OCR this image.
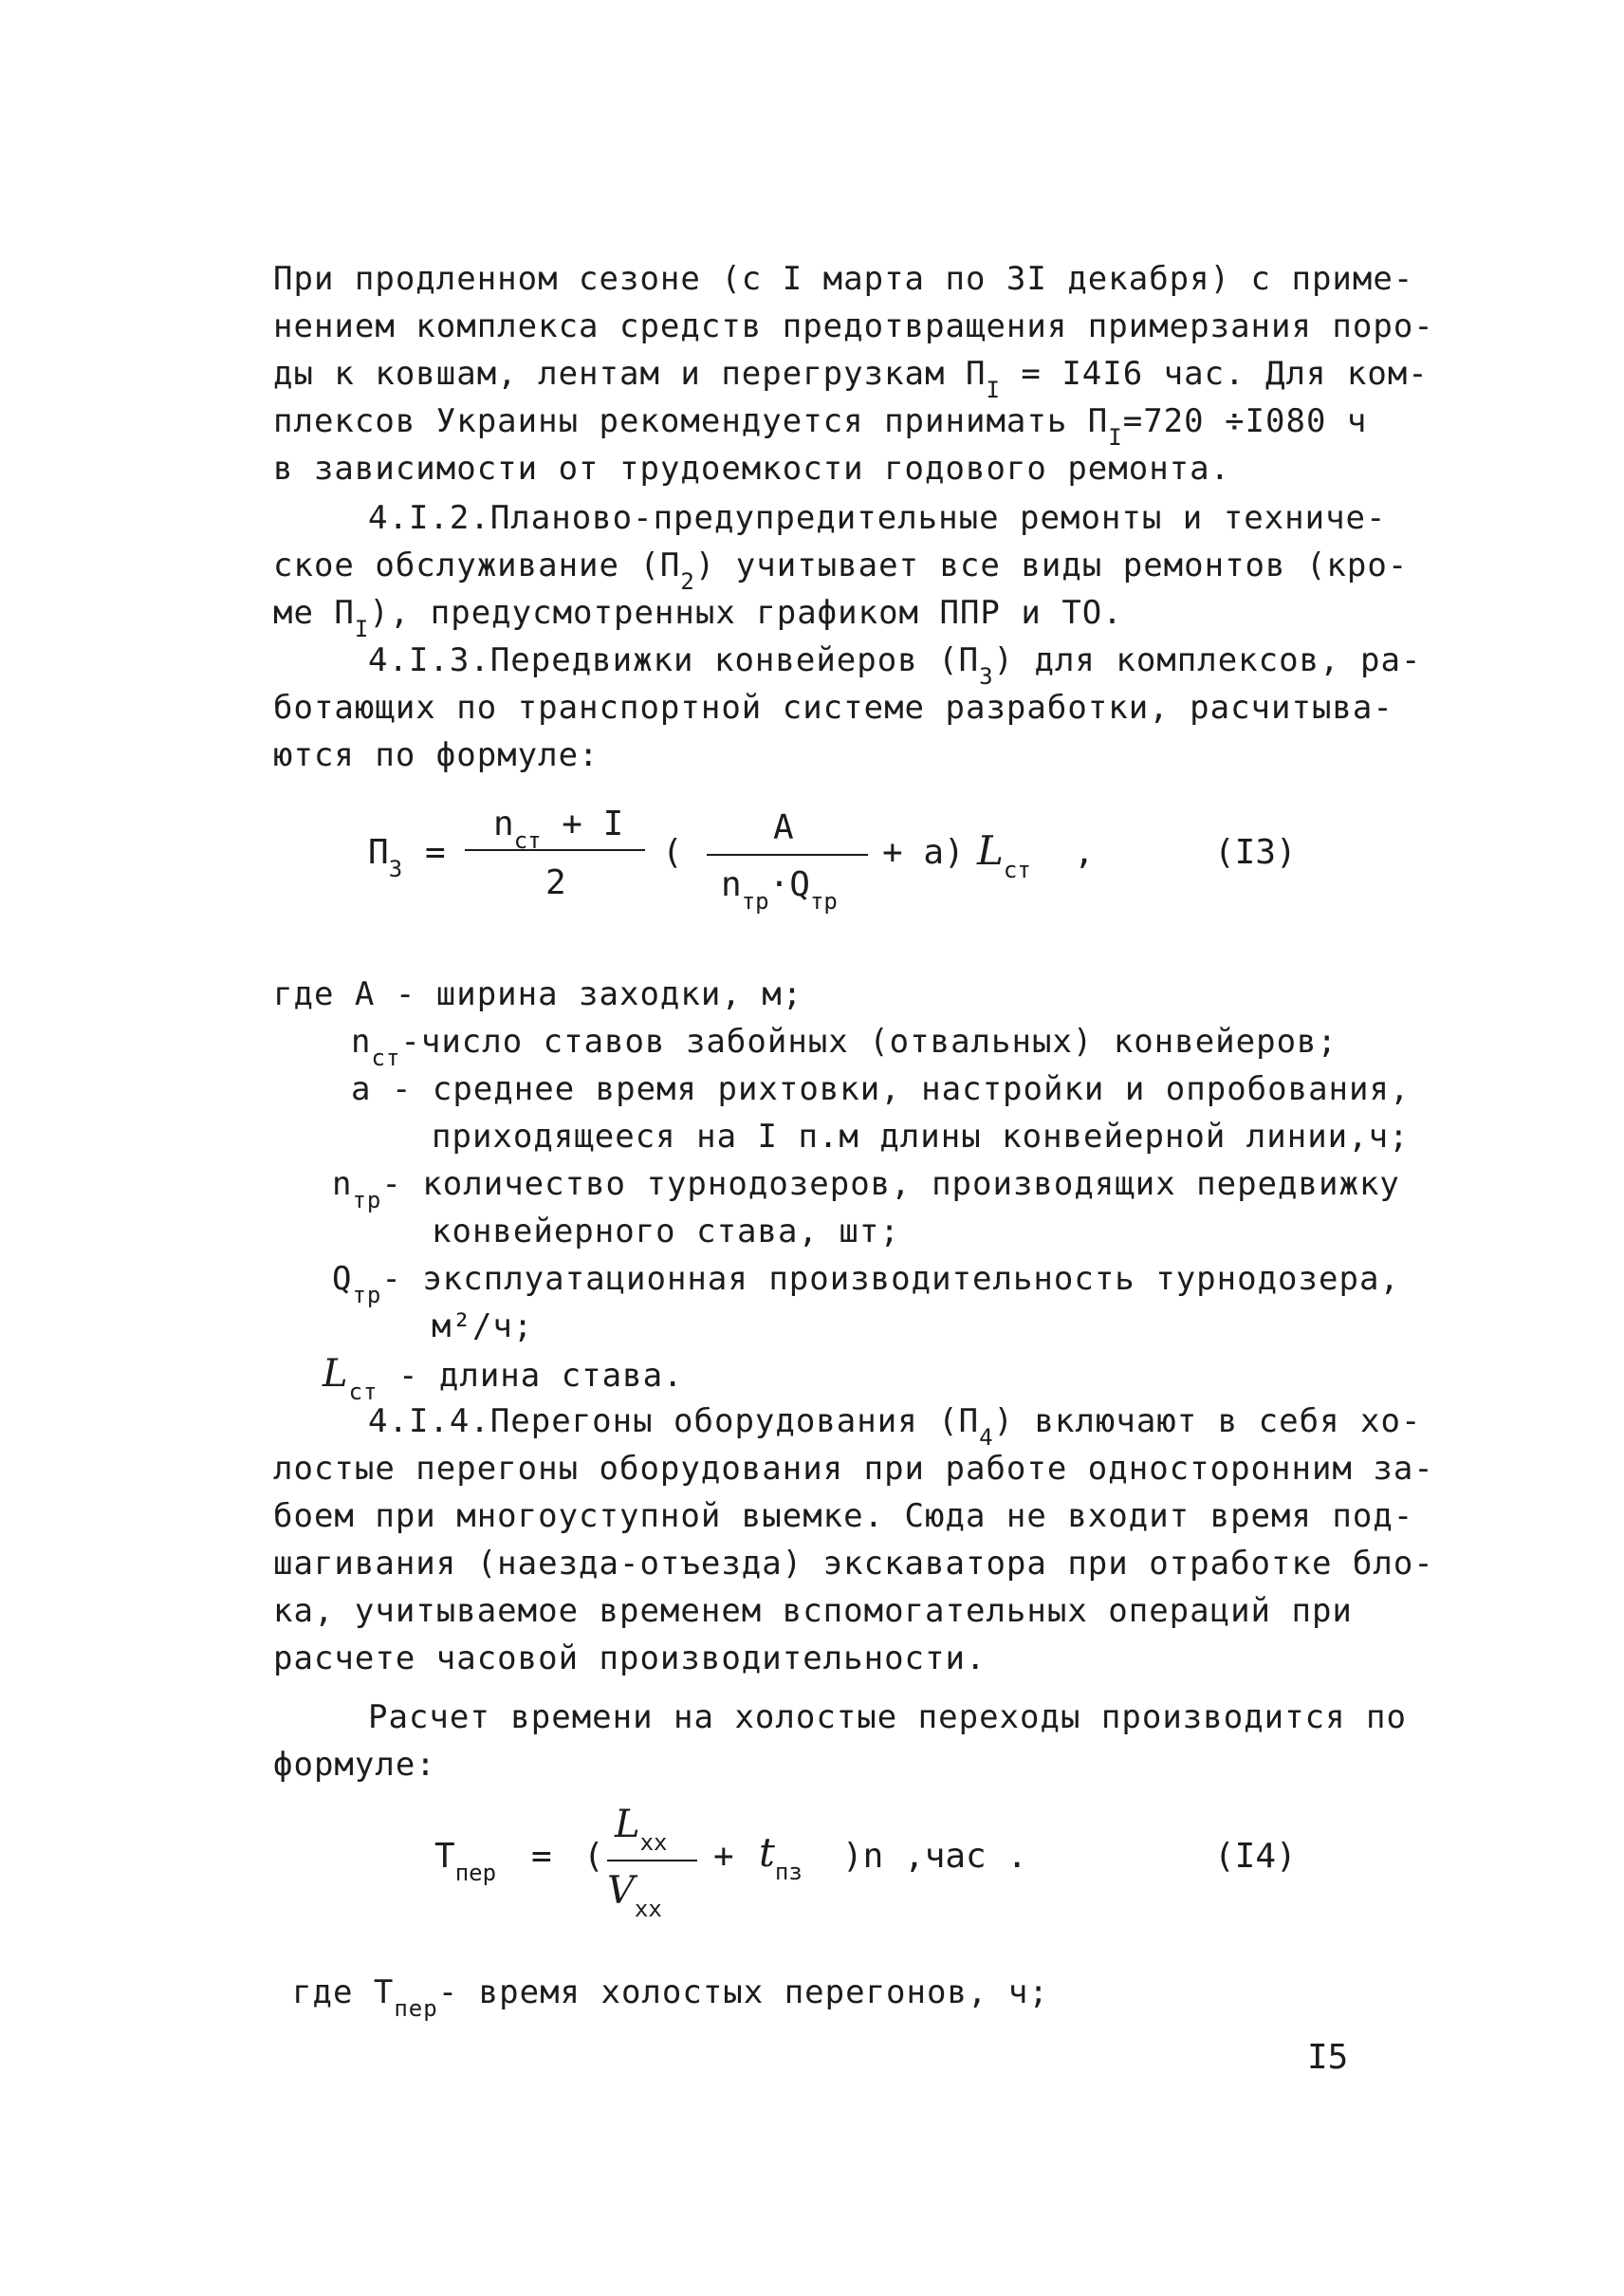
При продленном сезоне (с I марта по 3I декабря) с приме-
нением комплекса средств предотвращения примерзания поро-
ды к ковшам, лентам и перегрузкам $П_I = I4I6$ час. Для ком-
плексов Украины рекомендуется принимать $П_I=720 \div I080$ ч
в зависимости от трудоемкости годового ремонта.
4.I.2.Планово-предупредительные ремонты и техниче-
ское обслуживание $(П_2)$ учитывает все виды ремонтов (кро-
ме $П_I$), предусмотренных графиком ППР и ТО.
4.I.3.Передвижки конвейеров $(П_3)$ для комплексов, ра-
ботающих по транспортной системе разработки, расчитыва-
ются по формуле:
$П_3$ =
$n_{ст} + I$
2
(
A
$n_{тр}\cdot Q_{тр}$
+ a) $L_{ст}$ ,	(I3)
где A - ширина заходки, м;
$n_{ст}$-число ставов забойных (отвальных) конвейеров;
a - среднее время рихтовки, настройки и опробования,
приходящееся на I п.м длины конвейерной линии,ч;
$n_{тр}-$ количество турнодозеров, производящих передвижку
конвейерного става, шт;
$Q_{тр}-$ эксплуатационная производительность турнодозера,
м²/ч;
$L_{ст}$ - длина става.
4.I.4.Перегоны оборудования $(П_4)$ включают в себя хо-
лостые перегоны оборудования при работе односторонним за-
боем при многоуступной выемке. Сюда не входит время под-
шагивания (наезда-отъезда) экскаватора при отработке бло-
ка, учитываемое временем вспомогательных операций при
расчете часовой производительности.
Расчет времени на холостые переходы производится по
формуле:
$T_{пер}$ = (
$L_{хх}$
$V_{хх}$
+ $t_{пз}$ )n ,час .	(I4)
где $T_{пер}-$ время холостых перегонов, ч;
I5
